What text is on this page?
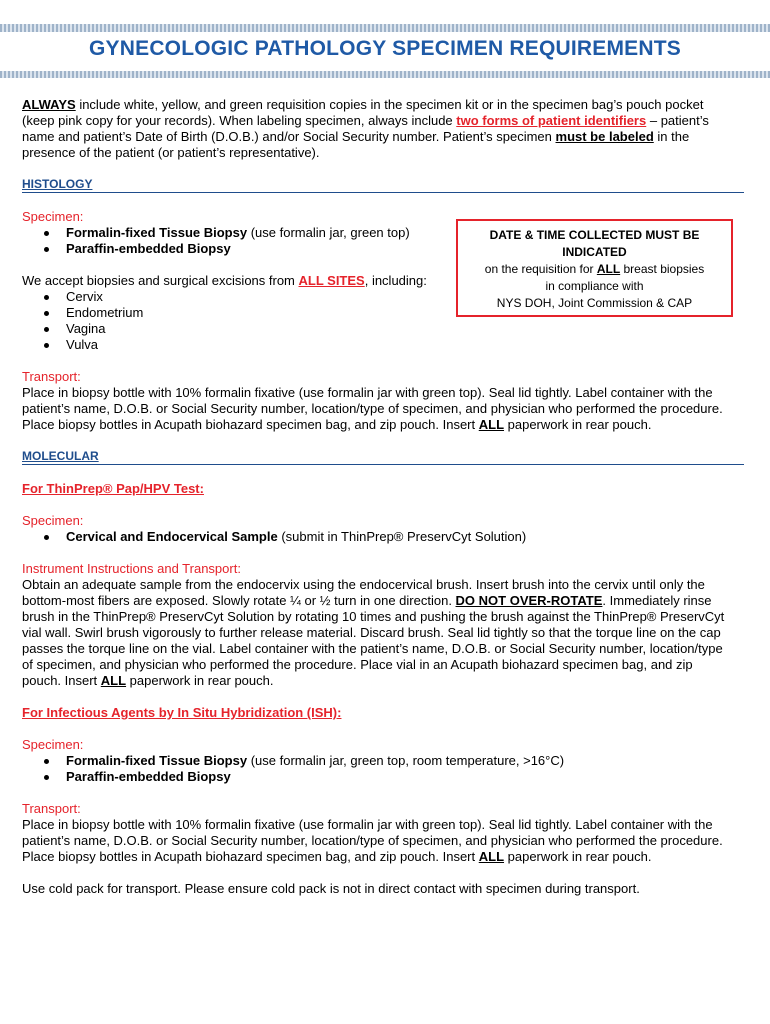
GYNECOLOGIC PATHOLOGY SPECIMEN REQUIREMENTS

ALWAYS include white, yellow, and green requisition copies in the specimen kit or in the specimen bag’s pouch pocket (keep pink copy for your records). When labeling specimen, always include two forms of patient identifiers – patient’s name and patient’s Date of Birth (D.O.B.) and/or Social Security number. Patient’s specimen must be labeled in the presence of the patient (or patient’s representative).

HISTOLOGY

Specimen:

Formalin-fixed Tissue Biopsy (use formalin jar, green top)
Paraffin-embedded Biopsy

We accept biopsies and surgical excisions from ALL SITES, including:

Cervix
Endometrium
Vagina
Vulva

Transport:

Place in biopsy bottle with 10% formalin fixative (use formalin jar with green top). Seal lid tightly. Label container with the patient’s name, D.O.B. or Social Security number, location/type of specimen, and physician who performed the procedure. Place biopsy bottles in Acupath biohazard specimen bag, and zip pouch. Insert ALL paperwork in rear pouch.

MOLECULAR

For ThinPrep® Pap/HPV Test:

Specimen:

Cervical and Endocervical Sample (submit in ThinPrep® PreservCyt Solution)

Instrument Instructions and Transport:

Obtain an adequate sample from the endocervix using the endocervical brush. Insert brush into the cervix until only the bottom-most fibers are exposed. Slowly rotate ¼ or ½ turn in one direction. DO NOT OVER-ROTATE. Immediately rinse brush in the ThinPrep® PreservCyt Solution by rotating 10 times and pushing the brush against the ThinPrep® PreservCyt vial wall. Swirl brush vigorously to further release material. Discard brush. Seal lid tightly so that the torque line on the cap passes the torque line on the vial. Label container with the patient’s name, D.O.B. or Social Security number, location/type of specimen, and physician who performed the procedure. Place vial in an Acupath biohazard specimen bag, and zip pouch. Insert ALL paperwork in rear pouch.

For Infectious Agents by In Situ Hybridization (ISH):

Specimen:

Formalin-fixed Tissue Biopsy (use formalin jar, green top, room temperature, >16°C)
Paraffin-embedded Biopsy

Transport:

Place in biopsy bottle with 10% formalin fixative (use formalin jar with green top). Seal lid tightly. Label container with the patient’s name, D.O.B. or Social Security number, location/type of specimen, and physician who performed the procedure. Place biopsy bottles in Acupath biohazard specimen bag, and zip pouch. Insert ALL paperwork in rear pouch.

Use cold pack for transport. Please ensure cold pack is not in direct contact with specimen during transport.

DATE & TIME COLLECTED MUST BE
INDICATED
on the requisition for ALL breast biopsies
in compliance with
NYS DOH, Joint Commission & CAP
